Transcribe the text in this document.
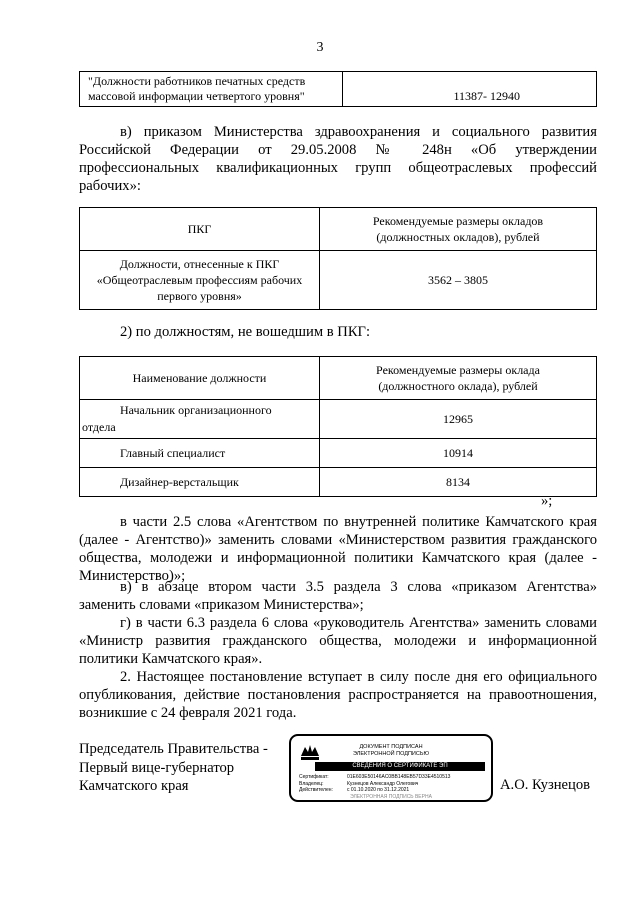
3
"Должности работников печатных средств массовой информации четвертого уровня"	11387- 12940
в) приказом Министерства здравоохранения и социального развития
Российской Федерации от 29.05.2008 № 248н «Об утверждении
профессиональных квалификационных групп общеотраслевых профессий
рабочих»:
ПКГ	Рекомендуемые размеры окладов (должностных окладов), рублей
Должности, отнесенные к ПКГ «Общеотраслевым профессиям рабочих первого уровня»	3562 – 3805
2) по должностям, не вошедшим в ПКГ:
Наименование должности	Рекомендуемые размеры оклада (должностного оклада), рублей

Начальник организационного
отдела	12965
Главный специалист	10914
Дизайнер-верстальщик	8134
»;
в части 2.5 слова «Агентством по внутренней политике Камчатского края
(далее - Агентство)» заменить словами «Министерством развития гражданского
общества, молодежи и информационной политики Камчатского края (далее -
Министерство)»;
в) в абзаце втором части 3.5 раздела 3 слова «приказом Агентства»
заменить словами «приказом Министерства»;
г) в части 6.3 раздела 6 слова «руководитель Агентства» заменить словами
«Министр развития гражданского общества, молодежи и информационной
политики Камчатского края».
2. Настоящее постановление вступает в силу после дня его официального
опубликования, действие постановления распространяется на правоотношения,
возникшие с 24 февраля 2021 года.
Председатель Правительства -
Первый вице-губернатор
Камчатского края	А.О. Кузнецов
ДОКУМЕНТ ПОДПИСАН
ЭЛЕКТРОННОЙ ПОДПИСЬЮ
СВЕДЕНИЯ О СЕРТИФИКАТЕ ЭП
Сертификат:	01E603E50146AC0BB148EB57D33E4510513
Владелец:	Кузнецов Александр Олегович
Действителен:	с 01.10.2020 по 31.12.2021
ЭЛЕКТРОННАЯ ПОДПИСЬ ВЕРНА
